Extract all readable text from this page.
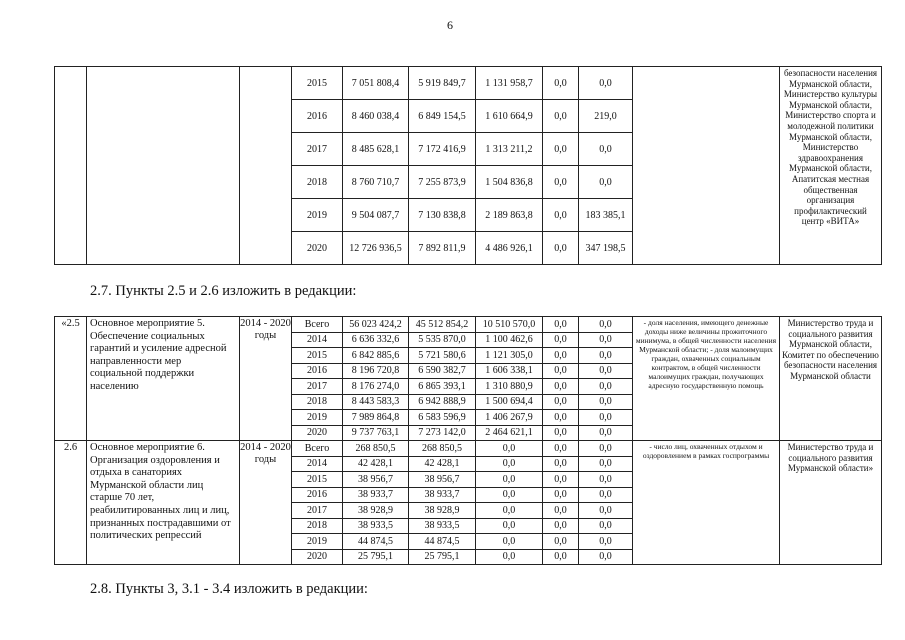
6
			2015	7 051 808,4	5 919 849,7	1 131 958,7	0,0	0,0		безопасности населения Мурманской области, Министерство культуры Мурманской области, Министерство спорта и молодежной политики Мурманской области, Министерство здравоохранения Мурманской области, Апатитская местная общественная организация профилактический центр «ВИТА»
			2016	8 460 038,4	6 849 154,5	1 610 664,9	0,0	219,0		
			2017	8 485 628,1	7 172 416,9	1 313 211,2	0,0	0,0		
			2018	8 760 710,7	7 255 873,9	1 504 836,8	0,0	0,0		
			2019	9 504 087,7	7 130 838,8	2 189 863,8	0,0	183 385,1		
			2020	12 726 936,5	7 892 811,9	4 486 926,1	0,0	347 198,5		
2.7. Пункты 2.5 и 2.6 изложить в редакции:
«2.5	Основное мероприятие 5. Обеспечение социальных гарантий и усиление адресной направленности мер социальной поддержки населению	2014 - 2020 годы	Всего	56 023 424,2	45 512 854,2	10 510 570,0	0,0	0,0	- доля населения, имеющего денежные доходы ниже величины прожиточного минимума, в общей численности населения Мурманской области; - доля малоимущих граждан, охваченных социальным контрактом, в общей численности малоимущих граждан, получающих адресную государственную помощь	Министерство труда и социального развития Мурманской области, Комитет по обеспечению безопасности населения Мурманской области
			2014	6 636 332,6	5 535 870,0	1 100 462,6	0,0	0,0		
			2015	6 842 885,6	5 721 580,6	1 121 305,0	0,0	0,0		
			2016	8 196 720,8	6 590 382,7	1 606 338,1	0,0	0,0		
			2017	8 176 274,0	6 865 393,1	1 310 880,9	0,0	0,0		
			2018	8 443 583,3	6 942 888,9	1 500 694,4	0,0	0,0		
			2019	7 989 864,8	6 583 596,9	1 406 267,9	0,0	0,0		
			2020	9 737 763,1	7 273 142,0	2 464 621,1	0,0	0,0		
2.6	Основное мероприятие 6. Организация оздоровления и отдыха в санаториях Мурманской области лиц старше 70 лет, реабилитированных лиц и лиц, признанных пострадавшими от политических репрессий	2014 - 2020 годы	Всего	268 850,5	268 850,5	0,0	0,0	0,0	- число лиц, охваченных отдыхом и оздоровлением в рамках госпрограммы	Министерство труда и социального развития Мурманской области»
			2014	42 428,1	42 428,1	0,0	0,0	0,0		
			2015	38 956,7	38 956,7	0,0	0,0	0,0		
			2016	38 933,7	38 933,7	0,0	0,0	0,0		
			2017	38 928,9	38 928,9	0,0	0,0	0,0		
			2018	38 933,5	38 933,5	0,0	0,0	0,0		
			2019	44 874,5	44 874,5	0,0	0,0	0,0		
			2020	25 795,1	25 795,1	0,0	0,0	0,0		
2.8. Пункты 3, 3.1 - 3.4 изложить в редакции:
